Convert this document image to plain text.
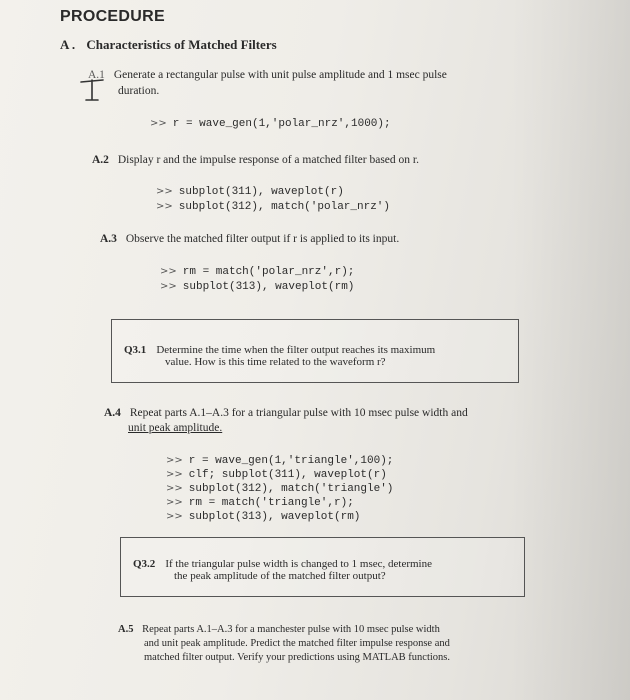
PROCEDURE
A . Characteristics of Matched Filters
A.1 Generate a rectangular pulse with unit pulse amplitude and 1 msec pulse
duration.
>> r = wave_gen(1,'polar_nrz',1000);
A.2 Display r and the impulse response of a matched filter based on r.
>> subplot(311), waveplot(r)
>> subplot(312), match('polar_nrz')
A.3 Observe the matched filter output if r is applied to its input.
>> rm = match('polar_nrz',r);
>> subplot(313), waveplot(rm)
Q3.1 Determine the time when the filter output reaches its maximum
value. How is this time related to the waveform r?
A.4 Repeat parts A.1–A.3 for a triangular pulse with 10 msec pulse width and
unit peak amplitude.
>> r = wave_gen(1,'triangle',100);
>> clf; subplot(311), waveplot(r)
>> subplot(312), match('triangle')
>> rm = match('triangle',r);
>> subplot(313), waveplot(rm)
Q3.2 If the triangular pulse width is changed to 1 msec, determine
the peak amplitude of the matched filter output?
A.5 Repeat parts A.1–A.3 for a manchester pulse with 10 msec pulse width
and unit peak amplitude. Predict the matched filter impulse response and
matched filter output. Verify your predictions using MATLAB functions.
